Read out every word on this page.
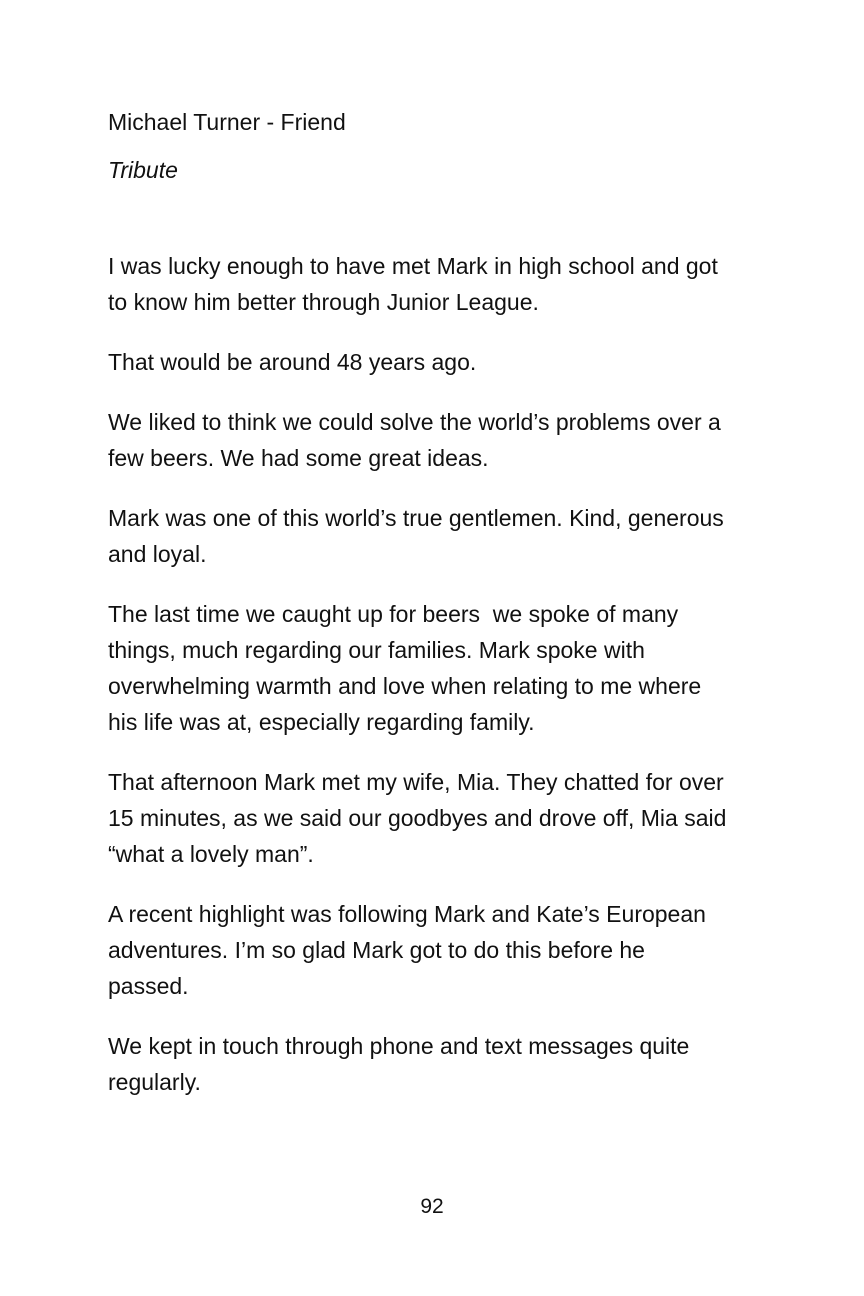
Michael Turner - Friend

Tribute

I was lucky enough to have met Mark in high school and got
to know him better through Junior League.

That would be around 48 years ago.

We liked to think we could solve the world’s problems over a
few beers. We had some great ideas.

Mark was one of this world’s true gentlemen. Kind, generous
and loyal.

The last time we caught up for beers  we spoke of many
things, much regarding our families. Mark spoke with
overwhelming warmth and love when relating to me where
his life was at, especially regarding family.

That afternoon Mark met my wife, Mia. They chatted for over
15 minutes, as we said our goodbyes and drove off, Mia said
“what a lovely man”.

A recent highlight was following Mark and Kate’s European
adventures. I’m so glad Mark got to do this before he
passed.

We kept in touch through phone and text messages quite
regularly.

92
